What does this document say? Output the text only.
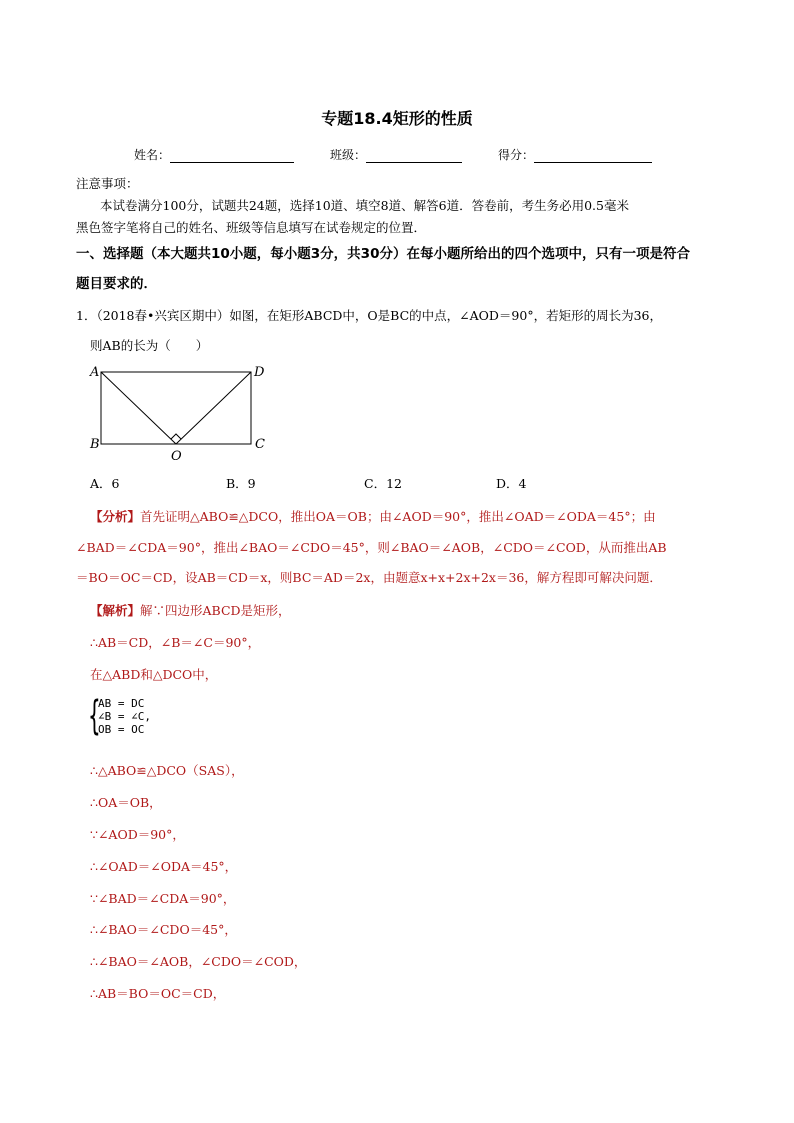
专题18.4矩形的性质
姓名：	班级：	得分：
注意事项：
本试卷满分100分，试题共24题，选择10道、填空8道、解答6道．答卷前，考生务必用0.5毫米
黑色签字笔将自己的姓名、班级等信息填写在试卷规定的位置．
一、选择题（本大题共10小题，每小题3分，共30分）在每小题所给出的四个选项中，只有一项是符合
题目要求的．
1．（2018春•兴宾区期中）如图，在矩形ABCD中，O是BC的中点，∠AOD＝90°，若矩形的周长为36，
则AB的长为（　　）
A	D
B	C
O
A．6	B．9	C．12	D．4
【分析】首先证明△ABO≌△DCO，推出OA＝OB；由∠AOD＝90°，推出∠OAD＝∠ODA＝45°；由
∠BAD＝∠CDA＝90°，推出∠BAO＝∠CDO＝45°，则∠BAO＝∠AOB，∠CDO＝∠COD，从而推出AB
＝BO＝OC＝CD，设AB＝CD＝x，则BC＝AD＝2x，由题意x+x+2x+2x＝36，解方程即可解决问题．
【解析】解∵四边形ABCD是矩形，
∴AB＝CD，∠B＝∠C＝90°，
在△ABD和△DCO中，
{
AB = DC
∠B = ∠C,
OB = OC
∴△ABO≌△DCO（SAS），
∴OA＝OB，
∵∠AOD＝90°，
∴∠OAD＝∠ODA＝45°，
∵∠BAD＝∠CDA＝90°，
∴∠BAO＝∠CDO＝45°，
∴∠BAO＝∠AOB，∠CDO＝∠COD，
∴AB＝BO＝OC＝CD，
